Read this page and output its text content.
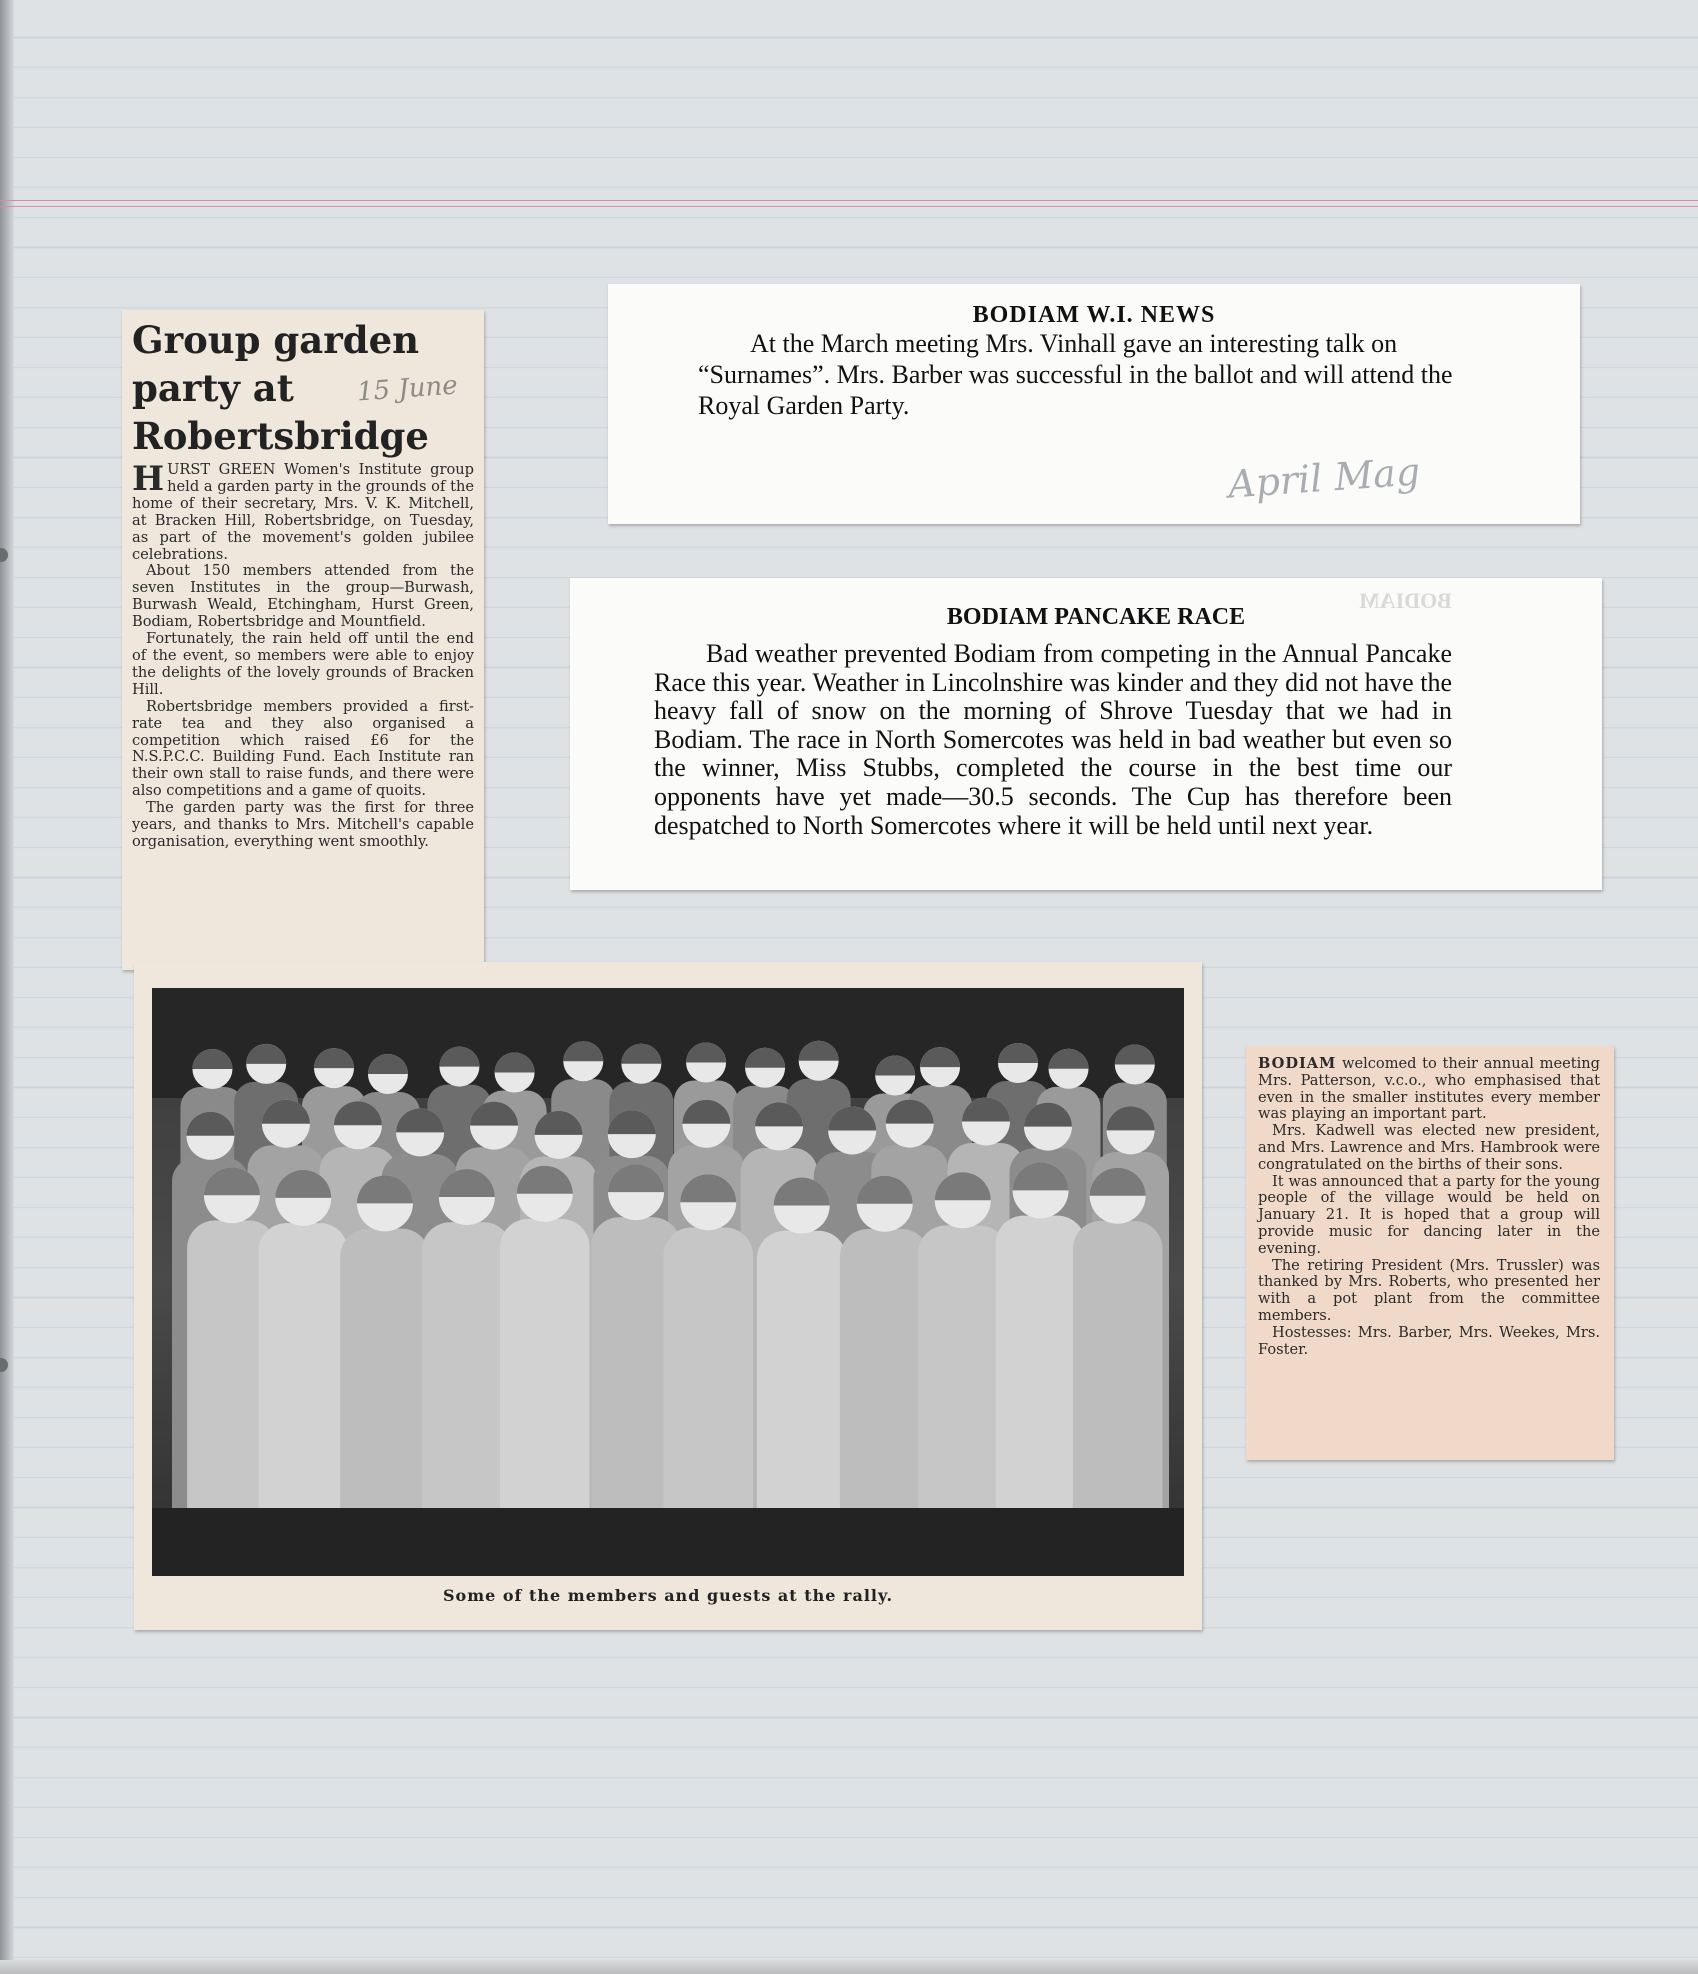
Group garden party at Robertsbridge
15 June

HURST GREEN Women's Institute group held a garden party in the grounds of the home of their secretary, Mrs. V. K. Mitchell, at Bracken Hill, Robertsbridge, on Tuesday, as part of the movement's golden jubilee celebrations.

About 150 members attended from the seven Institutes in the group—Burwash, Burwash Weald, Etchingham, Hurst Green, Bodiam, Robertsbridge and Mountfield.

Fortunately, the rain held off until the end of the event, so members were able to enjoy the delights of the lovely grounds of Bracken Hill.

Robertsbridge members provided a first-rate tea and they also organised a competition which raised £6 for the N.S.P.C.C. Building Fund. Each Institute ran their own stall to raise funds, and there were also competitions and a game of quoits.

The garden party was the first for three years, and thanks to Mrs. Mitchell's capable organisation, everything went smoothly.

BODIAM W.I. NEWS
At the March meeting Mrs. Vinhall gave an interesting talk on “Surnames”. Mrs. Barber was successful in the ballot and will attend the Royal Garden Party.
April Mag
BODIAM
BODIAM PANCAKE RACE
Bad weather prevented Bodiam from competing in the Annual Pancake Race this year. Weather in Lincolnshire was kinder and they did not have the heavy fall of snow on the morning of Shrove Tuesday that we had in Bodiam. The race in North Somercotes was held in bad weather but even so the winner, Miss Stubbs, completed the course in the best time our opponents have yet made—30.5 seconds. The Cup has therefore been despatched to North Somercotes where it will be held until next year.
Some of the members and guests at the rally.

BODIAM welcomed to their annual meeting Mrs. Patterson, v.c.o., who emphasised that even in the smaller institutes every member was playing an important part.

Mrs. Kadwell was elected new president, and Mrs. Lawrence and Mrs. Hambrook were congratulated on the births of their sons.

It was announced that a party for the young people of the village would be held on January 21. It is hoped that a group will provide music for dancing later in the evening.

The retiring President (Mrs. Trussler) was thanked by Mrs. Roberts, who presented her with a pot plant from the committee members.

Hostesses: Mrs. Barber, Mrs. Weekes, Mrs. Foster.
